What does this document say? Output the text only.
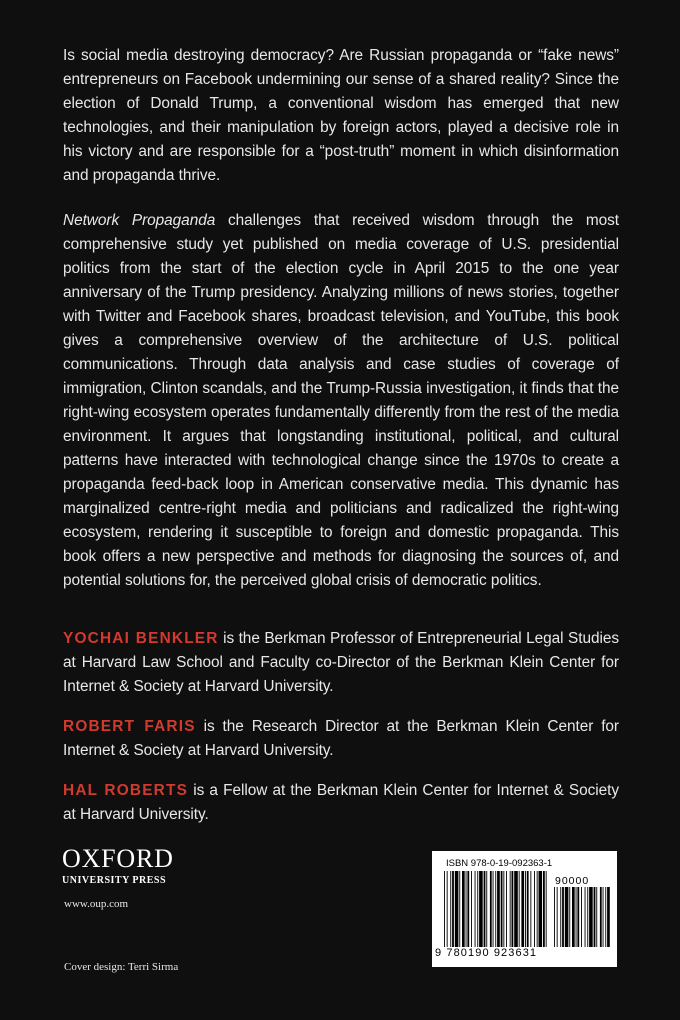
Is social media destroying democracy? Are Russian propaganda or “fake news” entrepreneurs on Facebook undermining our sense of a shared reality? Since the election of Donald Trump, a conventional wisdom has emerged that new technologies, and their manipulation by foreign actors, played a decisive role in his victory and are responsible for a “post-truth” moment in which disinformation and propaganda thrive.

Network Propaganda challenges that received wisdom through the most comprehensive study yet published on media coverage of U.S. presidential politics from the start of the election cycle in April 2015 to the one year anniversary of the Trump presidency. Analyzing millions of news stories, together with Twitter and Facebook shares, broadcast television, and YouTube, this book gives a comprehensive overview of the architecture of U.S. political communications. Through data analysis and case studies of coverage of immigration, Clinton scandals, and the Trump-Russia investigation, it finds that the right-wing ecosystem operates fundamentally differently from the rest of the media environment. It argues that longstanding institutional, political, and cultural patterns have interacted with technological change since the 1970s to create a propaganda feed-back loop in American conservative media. This dynamic has marginalized centre-right media and politicians and radicalized the right-wing ecosystem, rendering it susceptible to foreign and domestic propaganda. This book offers a new perspective and methods for diagnosing the sources of, and potential solutions for, the perceived global crisis of democratic politics.

YOCHAI BENKLER is the Berkman Professor of Entrepreneurial Legal Studies at Harvard Law School and Faculty co-Director of the Berkman Klein Center for Internet & Society at Harvard University.

ROBERT FARIS is the Research Director at the Berkman Klein Center for Internet & Society at Harvard University.

HAL ROBERTS is a Fellow at the Berkman Klein Center for Internet & Society at Harvard University.

OXFORD
UNIVERSITY PRESS
www.oup.com
Cover design: Terri Sirma
ISBN 978-0-19-092363-1
90000
9 780190 923631
